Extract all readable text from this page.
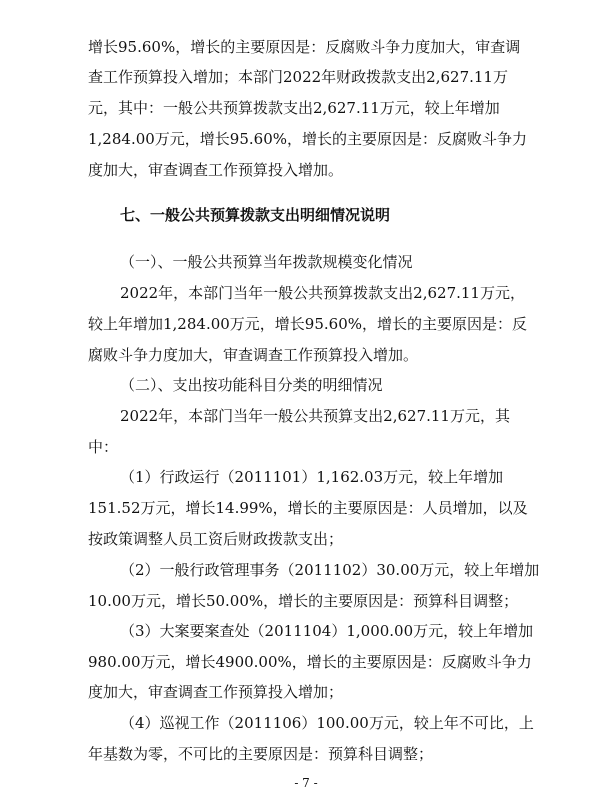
增长95.60%，增长的主要原因是：反腐败斗争力度加大，审查调

查工作预算投入增加；本部门2022年财政拨款支出2,627.11万

元，其中：一般公共预算拨款支出2,627.11万元，较上年增加

1,284.00万元，增长95.60%，增长的主要原因是：反腐败斗争力

度加大，审查调查工作预算投入增加。

七、一般公共预算拨款支出明细情况说明

（一）、一般公共预算当年拨款规模变化情况

2022年，本部门当年一般公共预算拨款支出2,627.11万元，

较上年增加1,284.00万元，增长95.60%，增长的主要原因是：反

腐败斗争力度加大，审查调查工作预算投入增加。

（二）、支出按功能科目分类的明细情况

2022年，本部门当年一般公共预算支出2,627.11万元，其

中：

（1）行政运行（2011101）1,162.03万元，较上年增加

151.52万元，增长14.99%，增长的主要原因是：人员增加，以及

按政策调整人员工资后财政拨款支出；

（2）一般行政管理事务（2011102）30.00万元，较上年增加

10.00万元，增长50.00%，增长的主要原因是：预算科目调整；

（3）大案要案查处（2011104）1,000.00万元，较上年增加

980.00万元，增长4900.00%，增长的主要原因是：反腐败斗争力

度加大，审查调查工作预算投入增加；

（4）巡视工作（2011106）100.00万元，较上年不可比，上

年基数为零，不可比的主要原因是：预算科目调整；

- 7 -
